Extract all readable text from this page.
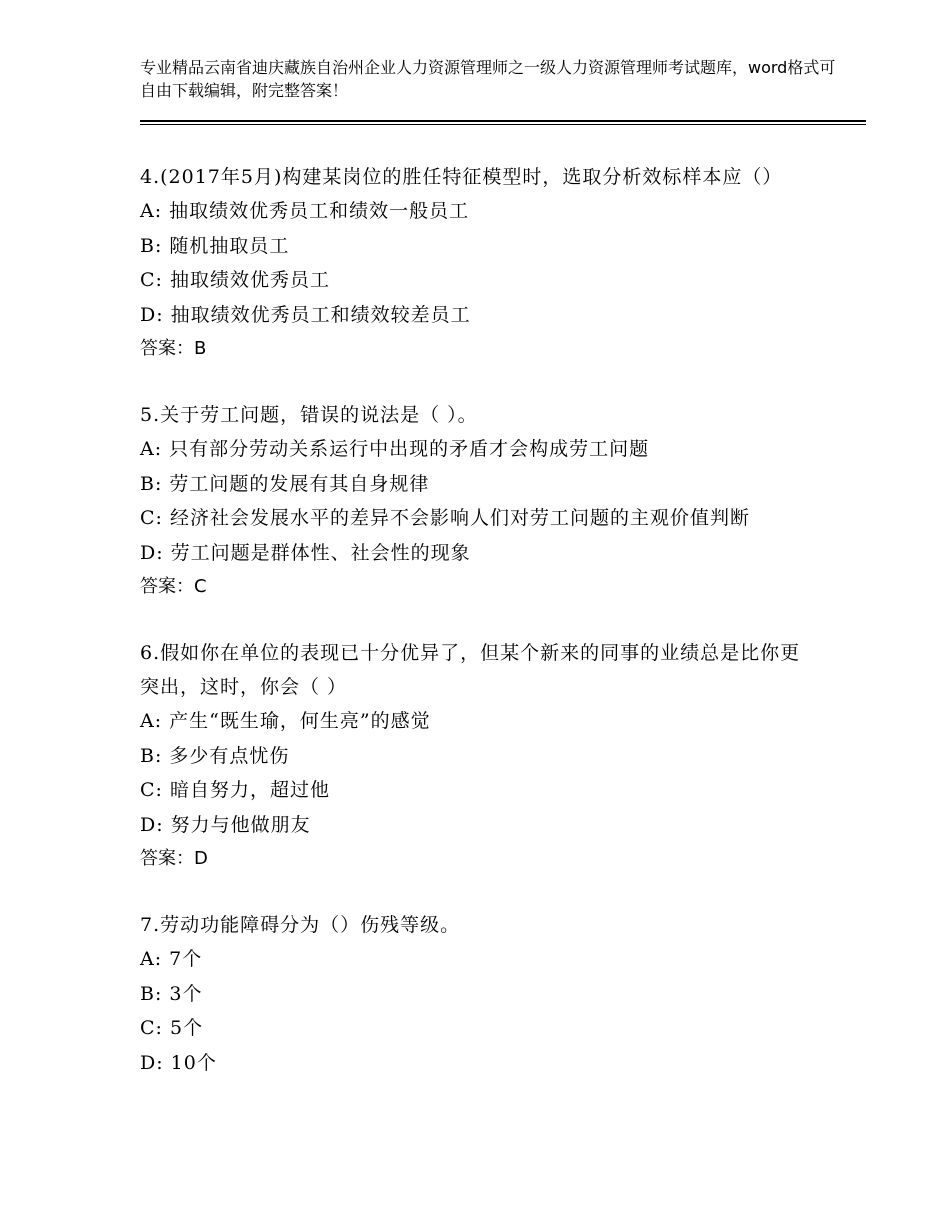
专业精品云南省迪庆藏族自治州企业人力资源管理师之一级人力资源管理师考试题库，word格式可自由下载编辑，附完整答案！

4.(2017年5月)构建某岗位的胜任特征模型时，选取分析效标样本应（）

A: 抽取绩效优秀员工和绩效一般员工

B: 随机抽取员工

C: 抽取绩效优秀员工

D: 抽取绩效优秀员工和绩效较差员工

答案：B

5.关于劳工问题，错误的说法是（ ）。

A: 只有部分劳动关系运行中出现的矛盾才会构成劳工问题

B: 劳工问题的发展有其自身规律

C: 经济社会发展水平的差异不会影响人们对劳工问题的主观价值判断

D: 劳工问题是群体性、社会性的现象

答案：C

6.假如你在单位的表现已十分优异了，但某个新来的同事的业绩总是比你更突出，这时，你会（ ）

A: 产生“既生瑜，何生亮”的感觉

B: 多少有点忧伤

C: 暗自努力，超过他

D: 努力与他做朋友

答案：D

7.劳动功能障碍分为（）伤残等级。

A: 7个

B: 3个

C: 5个

D: 10个
